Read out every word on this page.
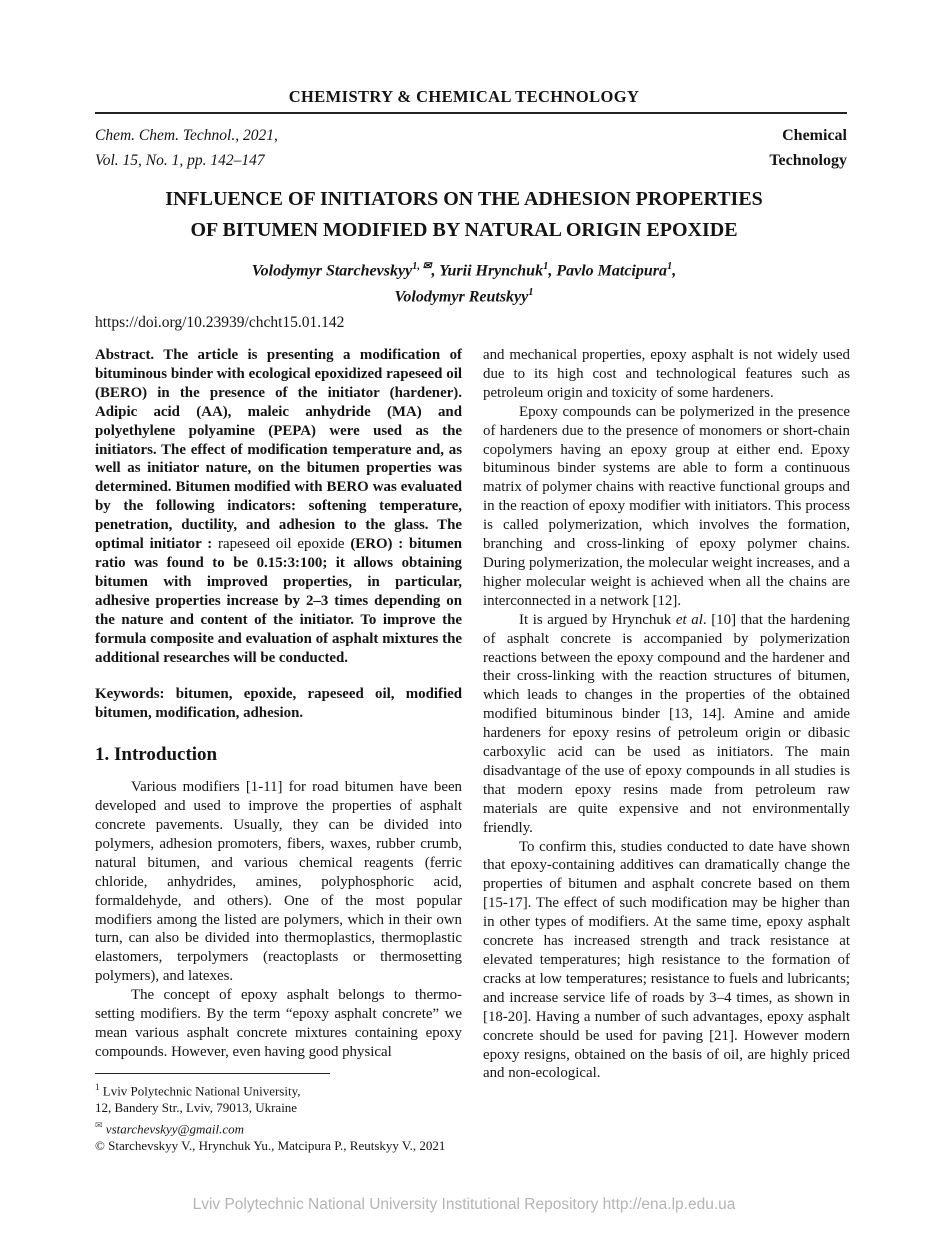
CHEMISTRY & CHEMICAL TECHNOLOGY
Chem. Chem. Technol., 2021,
Vol. 15, No. 1, pp. 142–147
Chemical
Technology
INFLUENCE OF INITIATORS ON THE ADHESION PROPERTIES
OF BITUMEN MODIFIED BY NATURAL ORIGIN EPOXIDE
Volodymyr Starchevskyy$^{1, ✉}$, Yurii Hrynchuk$^1$, Pavlo Matcipura$^1$,
Volodymyr Reutskyy$^1$
https://doi.org/10.23939/chcht15.01.142

Abstract. The article is presenting a modification of bituminous binder with ecological epoxidized rapeseed oil (BERO) in the presence of the initiator (hardener). Adipic acid (AA), maleic anhydride (MA) and polyethylene polyamine (PEPA) were used as the initiators. The effect of modification temperature and, as well as initiator nature, on the bitumen properties was determined. Bitumen modified with BERO was evaluated by the following indicators: softening temperature, penetration, ductility, and adhesion to the glass. The optimal initiator : rapeseed oil epoxide (ERO) : bitumen ratio was found to be 0.15:3:100; it allows obtaining bitumen with improved properties, in particular, adhesive properties increase by 2–3 times depending on the nature and content of the initiator. To improve the formula composite and evaluation of asphalt mixtures the additional researches will be conducted.

Keywords: bitumen, epoxide, rapeseed oil, modified bitumen, modification, adhesion.

1. Introduction

Various modifiers [1-11] for road bitumen have been developed and used to improve the properties of asphalt concrete pavements. Usually, they can be divided into polymers, adhesion promoters, fibers, waxes, rubber crumb, natural bitumen, and various chemical reagents (ferric chloride, anhydrides, amines, polyphosphoric acid, formaldehyde, and others). One of the most popular modifiers among the listed are polymers, which in their own turn, can also be divided into thermoplastics, thermoplastic elastomers, terpolymers (reactoplasts or thermosetting polymers), and latexes.

The concept of epoxy asphalt belongs to thermo-setting modifiers. By the term “epoxy asphalt concrete” we mean various asphalt concrete mixtures containing epoxy compounds. However, even having good physical

$^1$ Lviv Polytechnic National University,
12, Bandery Str., Lviv, 79013, Ukraine
✉ vstarchevskyy@gmail.com
© Starchevskyy V., Hrynchuk Yu., Matcipura P., Reutskyy V., 2021

and mechanical properties, epoxy asphalt is not widely used due to its high cost and technological features such as petroleum origin and toxicity of some hardeners.

Epoxy compounds can be polymerized in the presence of hardeners due to the presence of monomers or short-chain copolymers having an epoxy group at either end. Epoxy bituminous binder systems are able to form a continuous matrix of polymer chains with reactive functional groups and in the reaction of epoxy modifier with initiators. This process is called polymerization, which involves the formation, branching and cross-linking of epoxy polymer chains. During polymerization, the molecular weight increases, and a higher molecular weight is achieved when all the chains are interconnected in a network [12].

It is argued by Hrynchuk et al. [10] that the hardening of asphalt concrete is accompanied by polymerization reactions between the epoxy compound and the hardener and their cross-linking with the reaction structures of bitumen, which leads to changes in the properties of the obtained modified bituminous binder [13, 14]. Amine and amide hardeners for epoxy resins of petroleum origin or dibasic carboxylic acid can be used as initiators. The main disadvantage of the use of epoxy compounds in all studies is that modern epoxy resins made from petroleum raw materials are quite expensive and not environmentally friendly.

To confirm this, studies conducted to date have shown that epoxy-containing additives can dramatically change the properties of bitumen and asphalt concrete based on them [15-17]. The effect of such modification may be higher than in other types of modifiers. At the same time, epoxy asphalt concrete has increased strength and track resistance at elevated temperatures; high resistance to the formation of cracks at low temperatures; resistance to fuels and lubricants; and increase service life of roads by 3–4 times, as shown in [18-20]. Having a number of such advantages, epoxy asphalt concrete should be used for paving [21]. However modern epoxy resigns, obtained on the basis of oil, are highly priced and non-ecological.

Lviv Polytechnic National University Institutional Repository http://ena.lp.edu.ua
